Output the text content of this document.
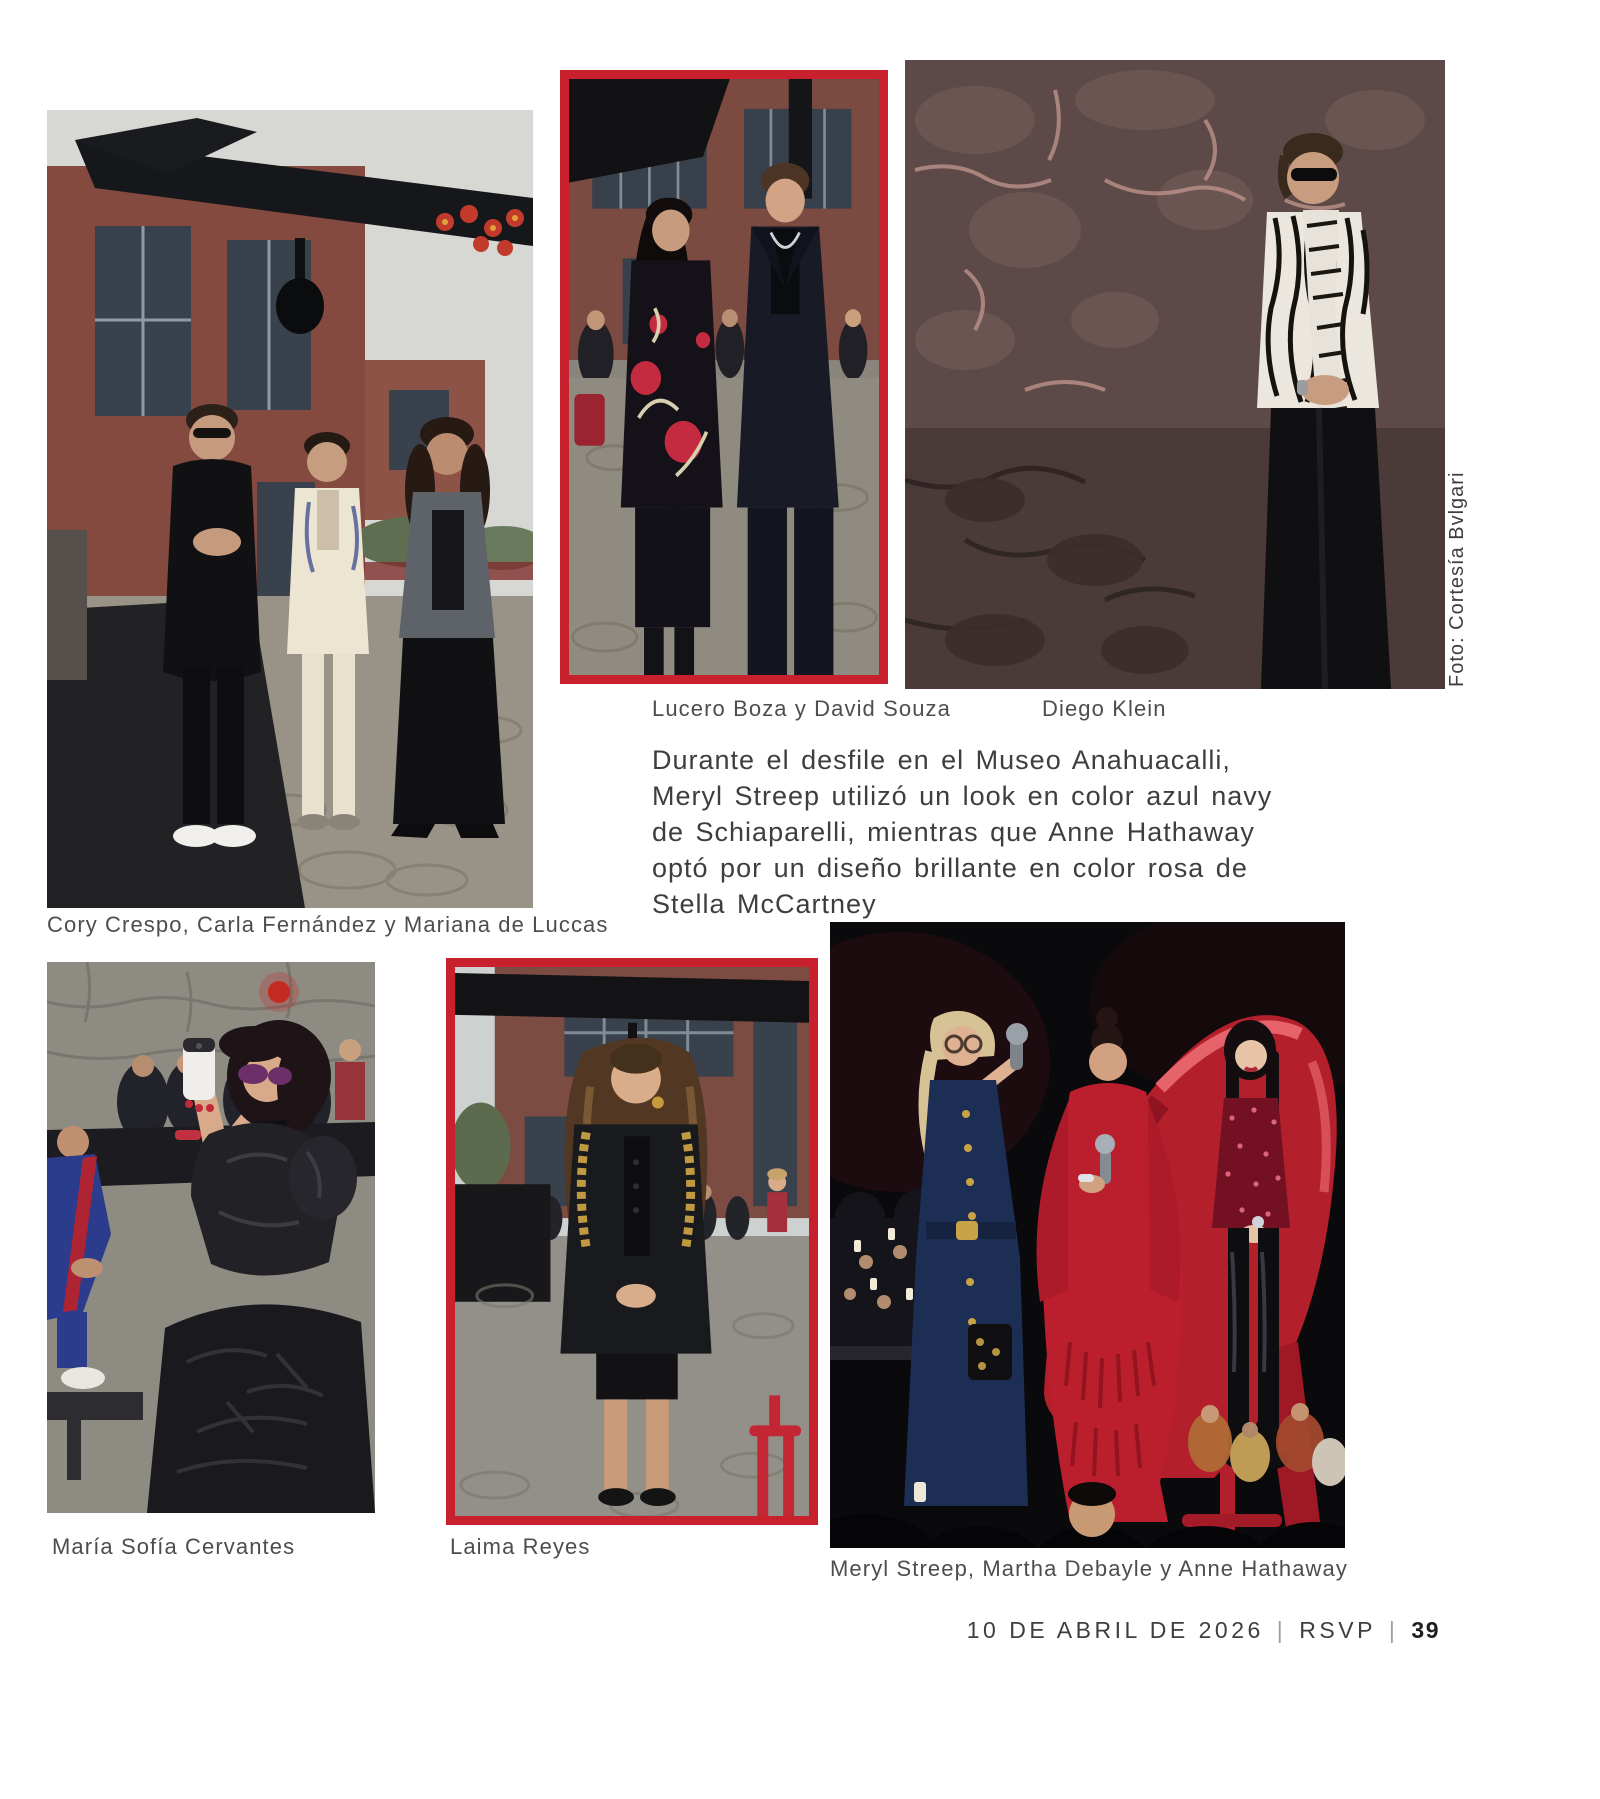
Foto: Cortesía Bvlgari
Lucero Boza y David Souza	Diego Klein
Durante el desfile en el Museo Anahuacalli,
Meryl Streep utilizó un look en color azul navy
de Schiaparelli, mientras que Anne Hathaway
optó por un diseño brillante en color rosa de
Stella McCartney
Cory Crespo, Carla Fernández y Mariana de Luccas
María Sofía Cervantes	Laima Reyes
Meryl Streep, Martha Debayle y Anne Hathaway
10 DE ABRIL DE 2026 | RSVP | 39
